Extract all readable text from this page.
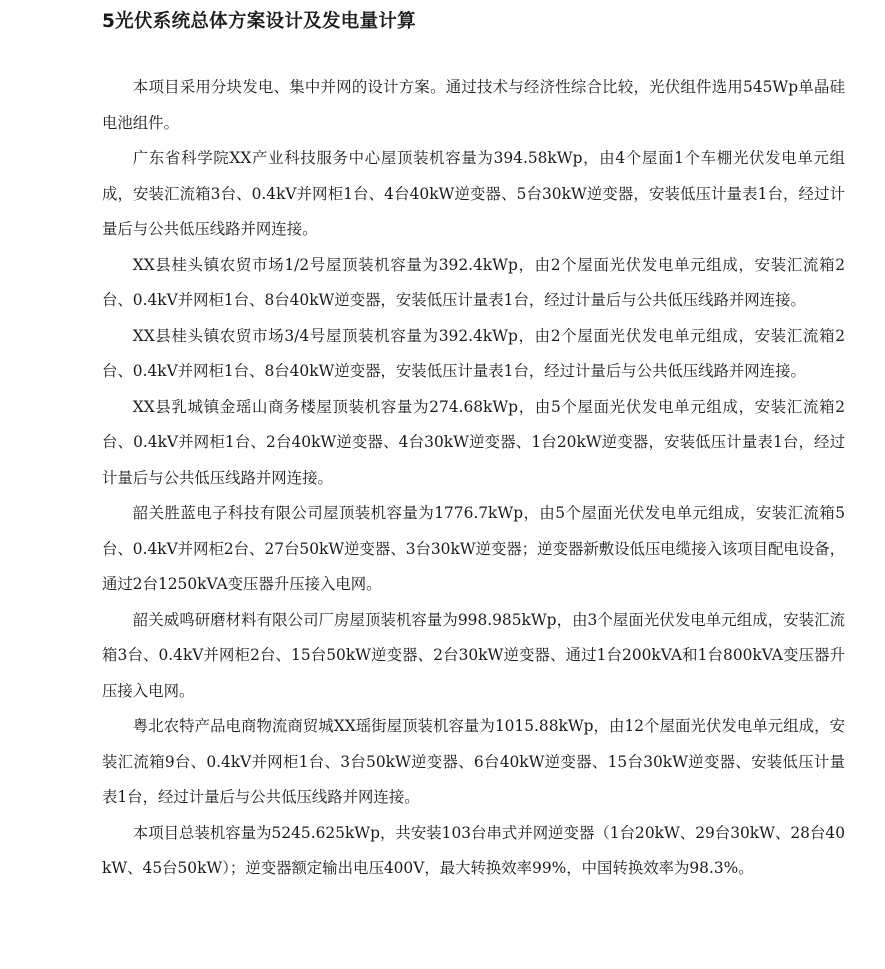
5光伏系统总体方案设计及发电量计算

本项目采用分块发电、集中并网的设计方案。通过技术与经济性综合比较，光伏组件选用545Wp单晶硅电池组件。

广东省科学院XX产业科技服务中心屋顶装机容量为394.58kWp，由4个屋面1个车棚光伏发电单元组成，安装汇流箱3台、0.4kV并网柜1台、4台40kW逆变器、5台30kW逆变器，安装低压计量表1台，经过计量后与公共低压线路并网连接。

XX县桂头镇农贸市场1/2号屋顶装机容量为392.4kWp，由2个屋面光伏发电单元组成，安装汇流箱2台、0.4kV并网柜1台、8台40kW逆变器，安装低压计量表1台，经过计量后与公共低压线路并网连接。

XX县桂头镇农贸市场3/4号屋顶装机容量为392.4kWp，由2个屋面光伏发电单元组成，安装汇流箱2台、0.4kV并网柜1台、8台40kW逆变器，安装低压计量表1台，经过计量后与公共低压线路并网连接。

XX县乳城镇金瑶山商务楼屋顶装机容量为274.68kWp，由5个屋面光伏发电单元组成，安装汇流箱2台、0.4kV并网柜1台、2台40kW逆变器、4台30kW逆变器、1台20kW逆变器，安装低压计量表1台，经过计量后与公共低压线路并网连接。

韶关胜蓝电子科技有限公司屋顶装机容量为1776.7kWp，由5个屋面光伏发电单元组成，安装汇流箱5台、0.4kV并网柜2台、27台50kW逆变器、3台30kW逆变器；逆变器新敷设低压电缆接入该项目配电设备，通过2台1250kVA变压器升压接入电网。

韶关威鸣研磨材料有限公司厂房屋顶装机容量为998.985kWp，由3个屋面光伏发电单元组成，安装汇流箱3台、0.4kV并网柜2台、15台50kW逆变器、2台30kW逆变器、通过1台200kVA和1台800kVA变压器升压接入电网。

粤北农特产品电商物流商贸城XX瑶街屋顶装机容量为1015.88kWp，由12个屋面光伏发电单元组成，安装汇流箱9台、0.4kV并网柜1台、3台50kW逆变器、6台40kW逆变器、15台30kW逆变器、安装低压计量表1台，经过计量后与公共低压线路并网连接。

本项目总装机容量为5245.625kWp，共安装103台串式并网逆变器（1台20kW、29台30kW、28台40kW、45台50kW）；逆变器额定输出电压400V，最大转换效率99%，中国转换效率为98.3%。
